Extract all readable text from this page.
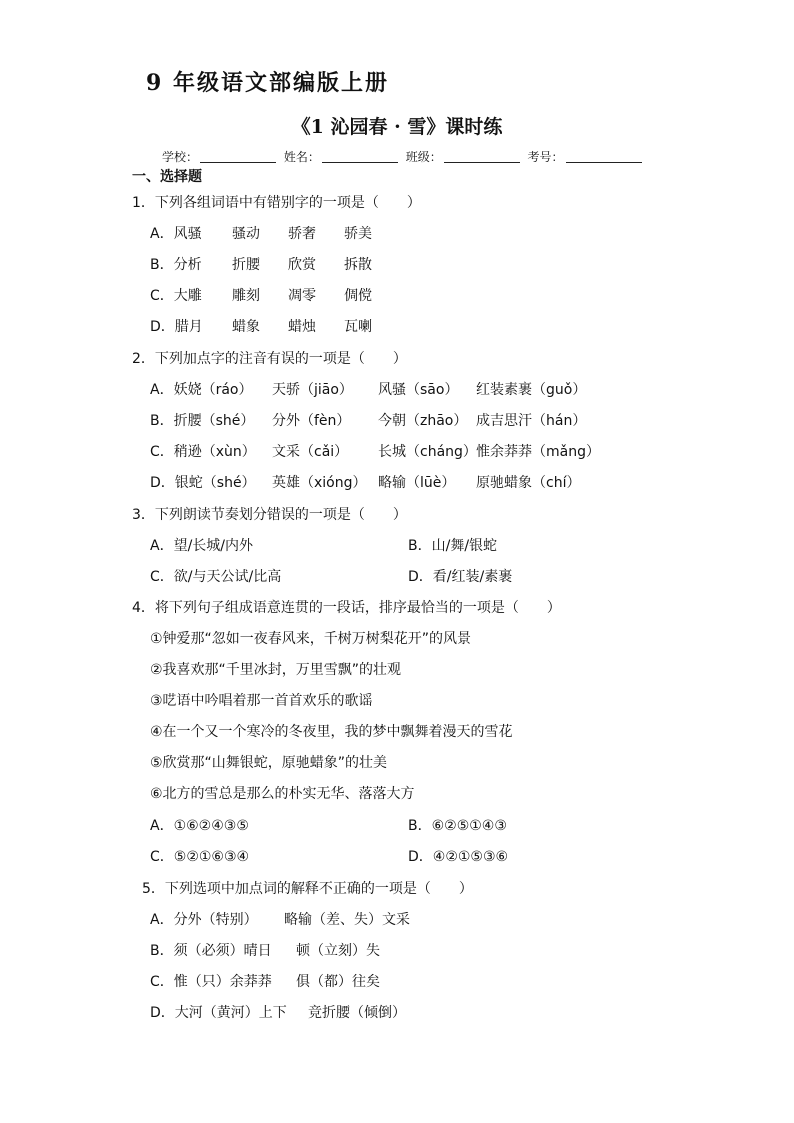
9 年级语文部编版上册
《1 沁园春 · 雪》课时练
学校：	姓名：	班级：	考号：
一、选择题
1．下列各组词语中有错别字的一项是（　　）
A．风骚 骚动 骄奢 骄美
B．分析 折腰 欣赏 拆散
C．大雕 雕刻 凋零 倜傥
D．腊月 蜡象 蜡烛 瓦喇
2．下列加点字的注音有误的一项是（　　）
A．妖娆（ráo） 天骄（jiāo） 风骚（sāo） 红装素裹（guǒ）
B．折腰（shé） 分外（fèn） 今朝（zhāo） 成吉思汗（hán）
C．稍逊（xùn） 文采（cǎi） 长城（cháng）惟余莽莽（mǎng）
D．银蛇（shé） 英雄（xióng） 略输（lūè） 原驰蜡象（chí）
3．下列朗读节奏划分错误的一项是（　　）
A．望/长城/内外	B．山/舞/银蛇
C．欲/与天公试/比高	D．看/红装/素裹
4．将下列句子组成语意连贯的一段话，排序最恰当的一项是（　　）
①钟爱那“忽如一夜春风来，千树万树梨花开”的风景
②我喜欢那“千里冰封，万里雪飘”的壮观
③呓语中吟唱着那一首首欢乐的歌谣
④在一个又一个寒冷的冬夜里，我的梦中飘舞着漫天的雪花
⑤欣赏那“山舞银蛇，原驰蜡象”的壮美
⑥北方的雪总是那么的朴实无华、落落大方
A．①⑥②④③⑤	B．⑥②⑤①④③
C．⑤②①⑥③④	D．④②①⑤③⑥
5．下列选项中加点词的解释不正确的一项是（　　）
A．分外（特别） 略输（差、失）文采
B．须（必须）晴日 顿（立刻）失
C．惟（只）余莽莽 俱（都）往矣
D．大河（黄河）上下 竞折腰（倾倒）
